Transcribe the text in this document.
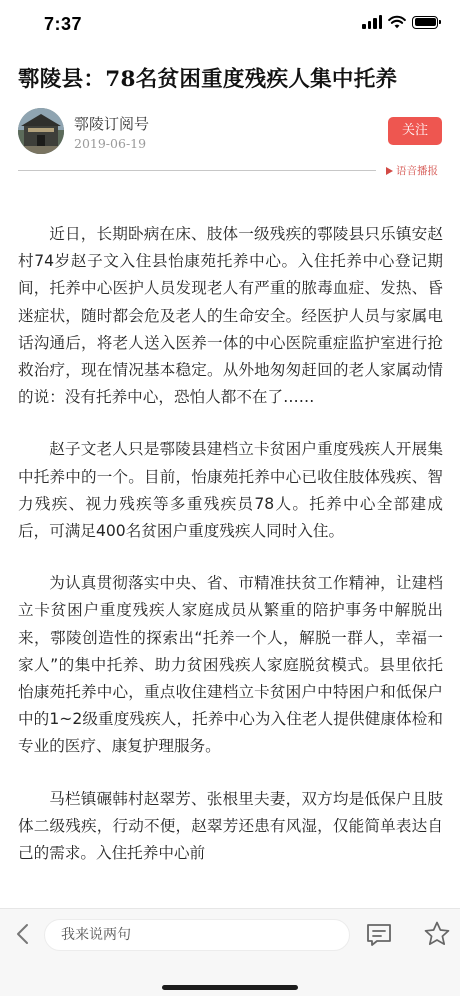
7:37
鄠陵县：78名贫困重度残疾人集中托养
鄠陵订阅号
2019-06-19
关注
语音播报

近日，长期卧病在床、肢体一级残疾的鄠陵县只乐镇安赵村74岁赵子文入住县怡康苑托养中心。入住托养中心登记期间，托养中心医护人员发现老人有严重的脓毒血症、发热、昏迷症状，随时都会危及老人的生命安全。经医护人员与家属电话沟通后，将老人送入医养一体的中心医院重症监护室进行抢救治疗，现在情况基本稳定。从外地匆匆赶回的老人家属动情的说：没有托养中心，恐怕人都不在了……

赵子文老人只是鄠陵县建档立卡贫困户重度残疾人开展集中托养中的一个。目前，怡康苑托养中心已收住肢体残疾、智力残疾、视力残疾等多重残疾员78人。托养中心全部建成后，可满足400名贫困户重度残疾人同时入住。

为认真贯彻落实中央、省、市精准扶贫工作精神，让建档立卡贫困户重度残疾人家庭成员从繁重的陪护事务中解脱出来，鄠陵创造性的探索出“托养一个人，解脱一群人，幸福一家人”的集中托养、助力贫困残疾人家庭脱贫模式。县里依托怡康苑托养中心，重点收住建档立卡贫困户中特困户和低保户中的1~2级重度残疾人，托养中心为入住老人提供健康体检和专业的医疗、康复护理服务。

马栏镇碾韩村赵翠芳、张根里夫妻，双方均是低保户且肢体二级残疾，行动不便，赵翠芳还患有风湿，仅能简单表达自己的需求。入住托养中心前

我来说两句
